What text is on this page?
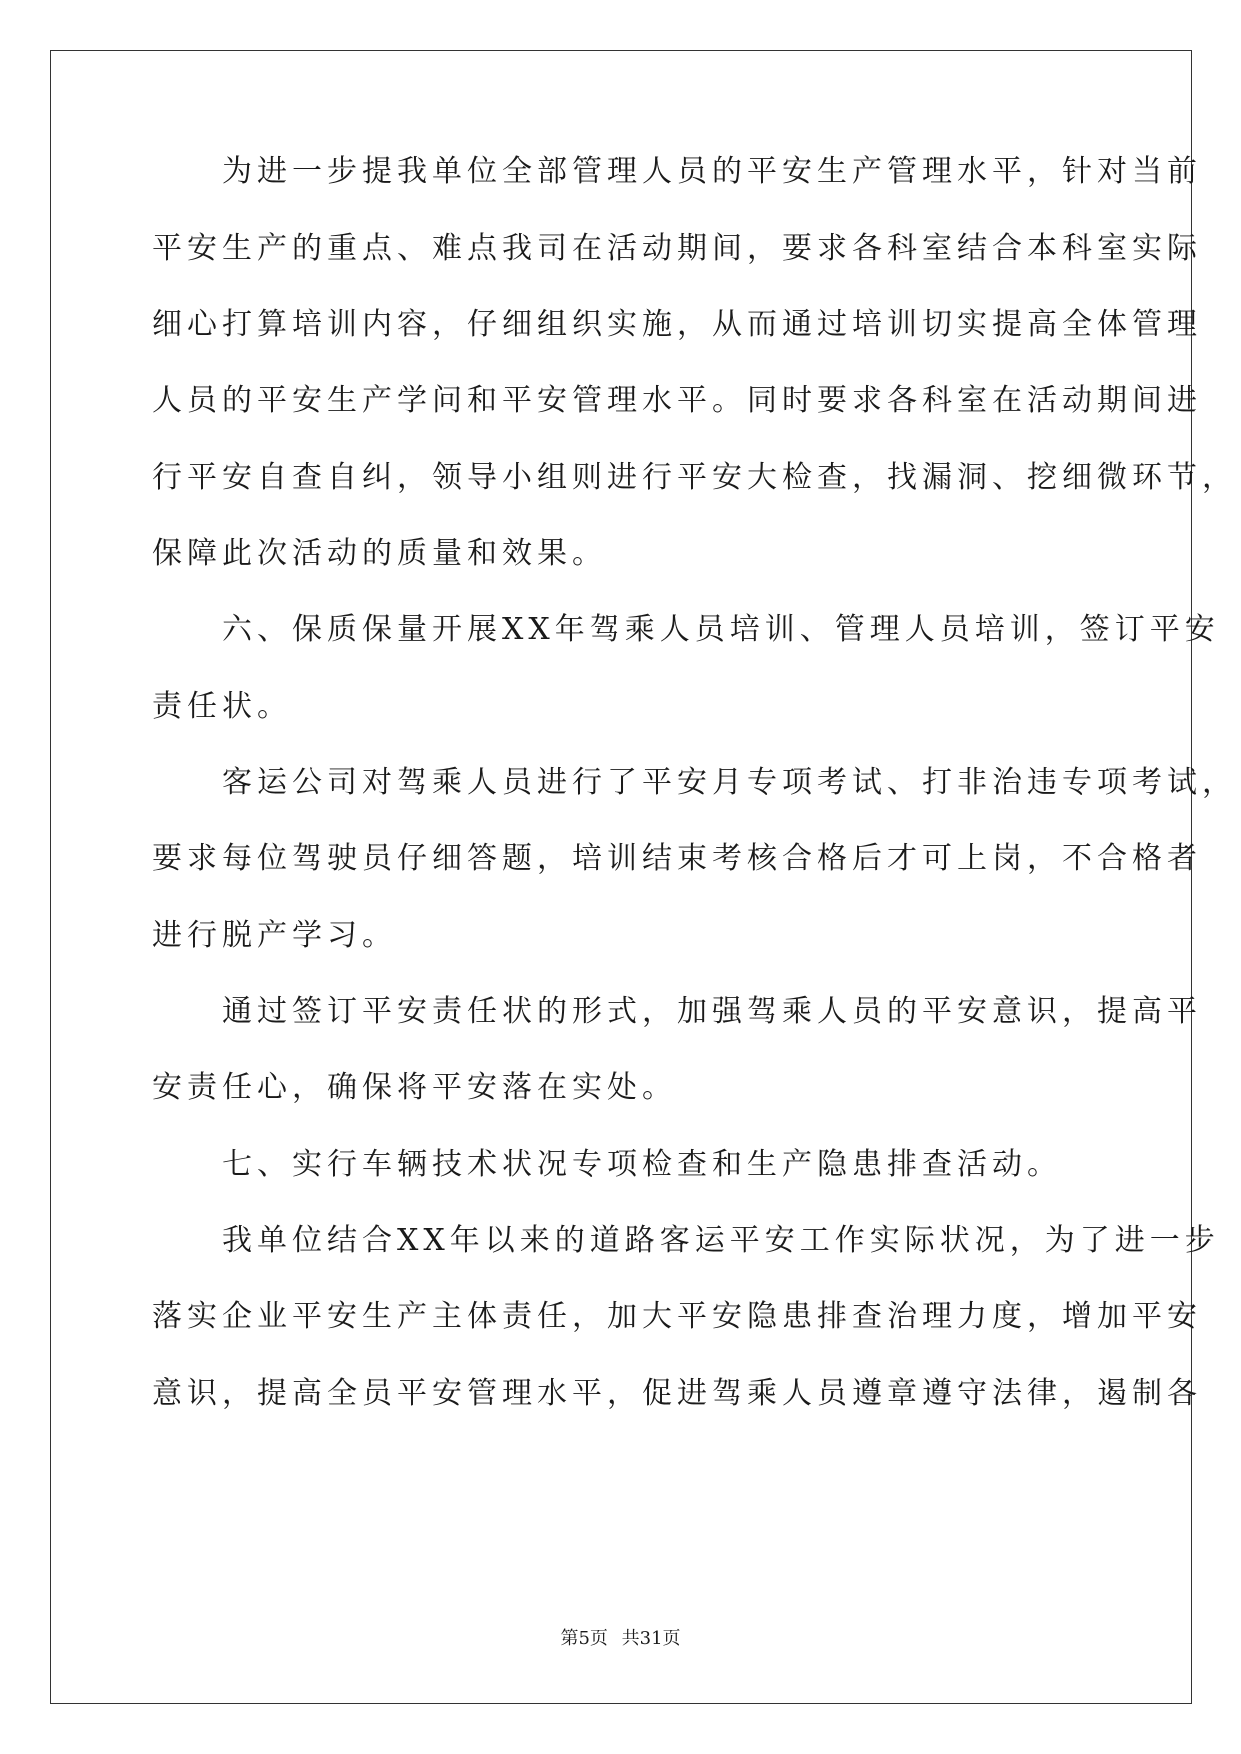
　　为进一步提我单位全部管理人员的平安生产管理水平，针对当前

平安生产的重点、难点我司在活动期间，要求各科室结合本科室实际

细心打算培训内容，仔细组织实施，从而通过培训切实提高全体管理

人员的平安生产学问和平安管理水平。同时要求各科室在活动期间进

行平安自查自纠，领导小组则进行平安大检查，找漏洞、挖细微环节，

保障此次活动的质量和效果。

　　六、保质保量开展XX年驾乘人员培训、管理人员培训，签订平安

责任状。

　　客运公司对驾乘人员进行了平安月专项考试、打非治违专项考试，

要求每位驾驶员仔细答题，培训结束考核合格后才可上岗，不合格者

进行脱产学习。

　　通过签订平安责任状的形式，加强驾乘人员的平安意识，提高平

安责任心，确保将平安落在实处。

　　七、实行车辆技术状况专项检查和生产隐患排查活动。

　　我单位结合XX年以来的道路客运平安工作实际状况，为了进一步

落实企业平安生产主体责任，加大平安隐患排查治理力度，增加平安

意识，提高全员平安管理水平，促进驾乘人员遵章遵守法律，遏制各

第5页 共31页
